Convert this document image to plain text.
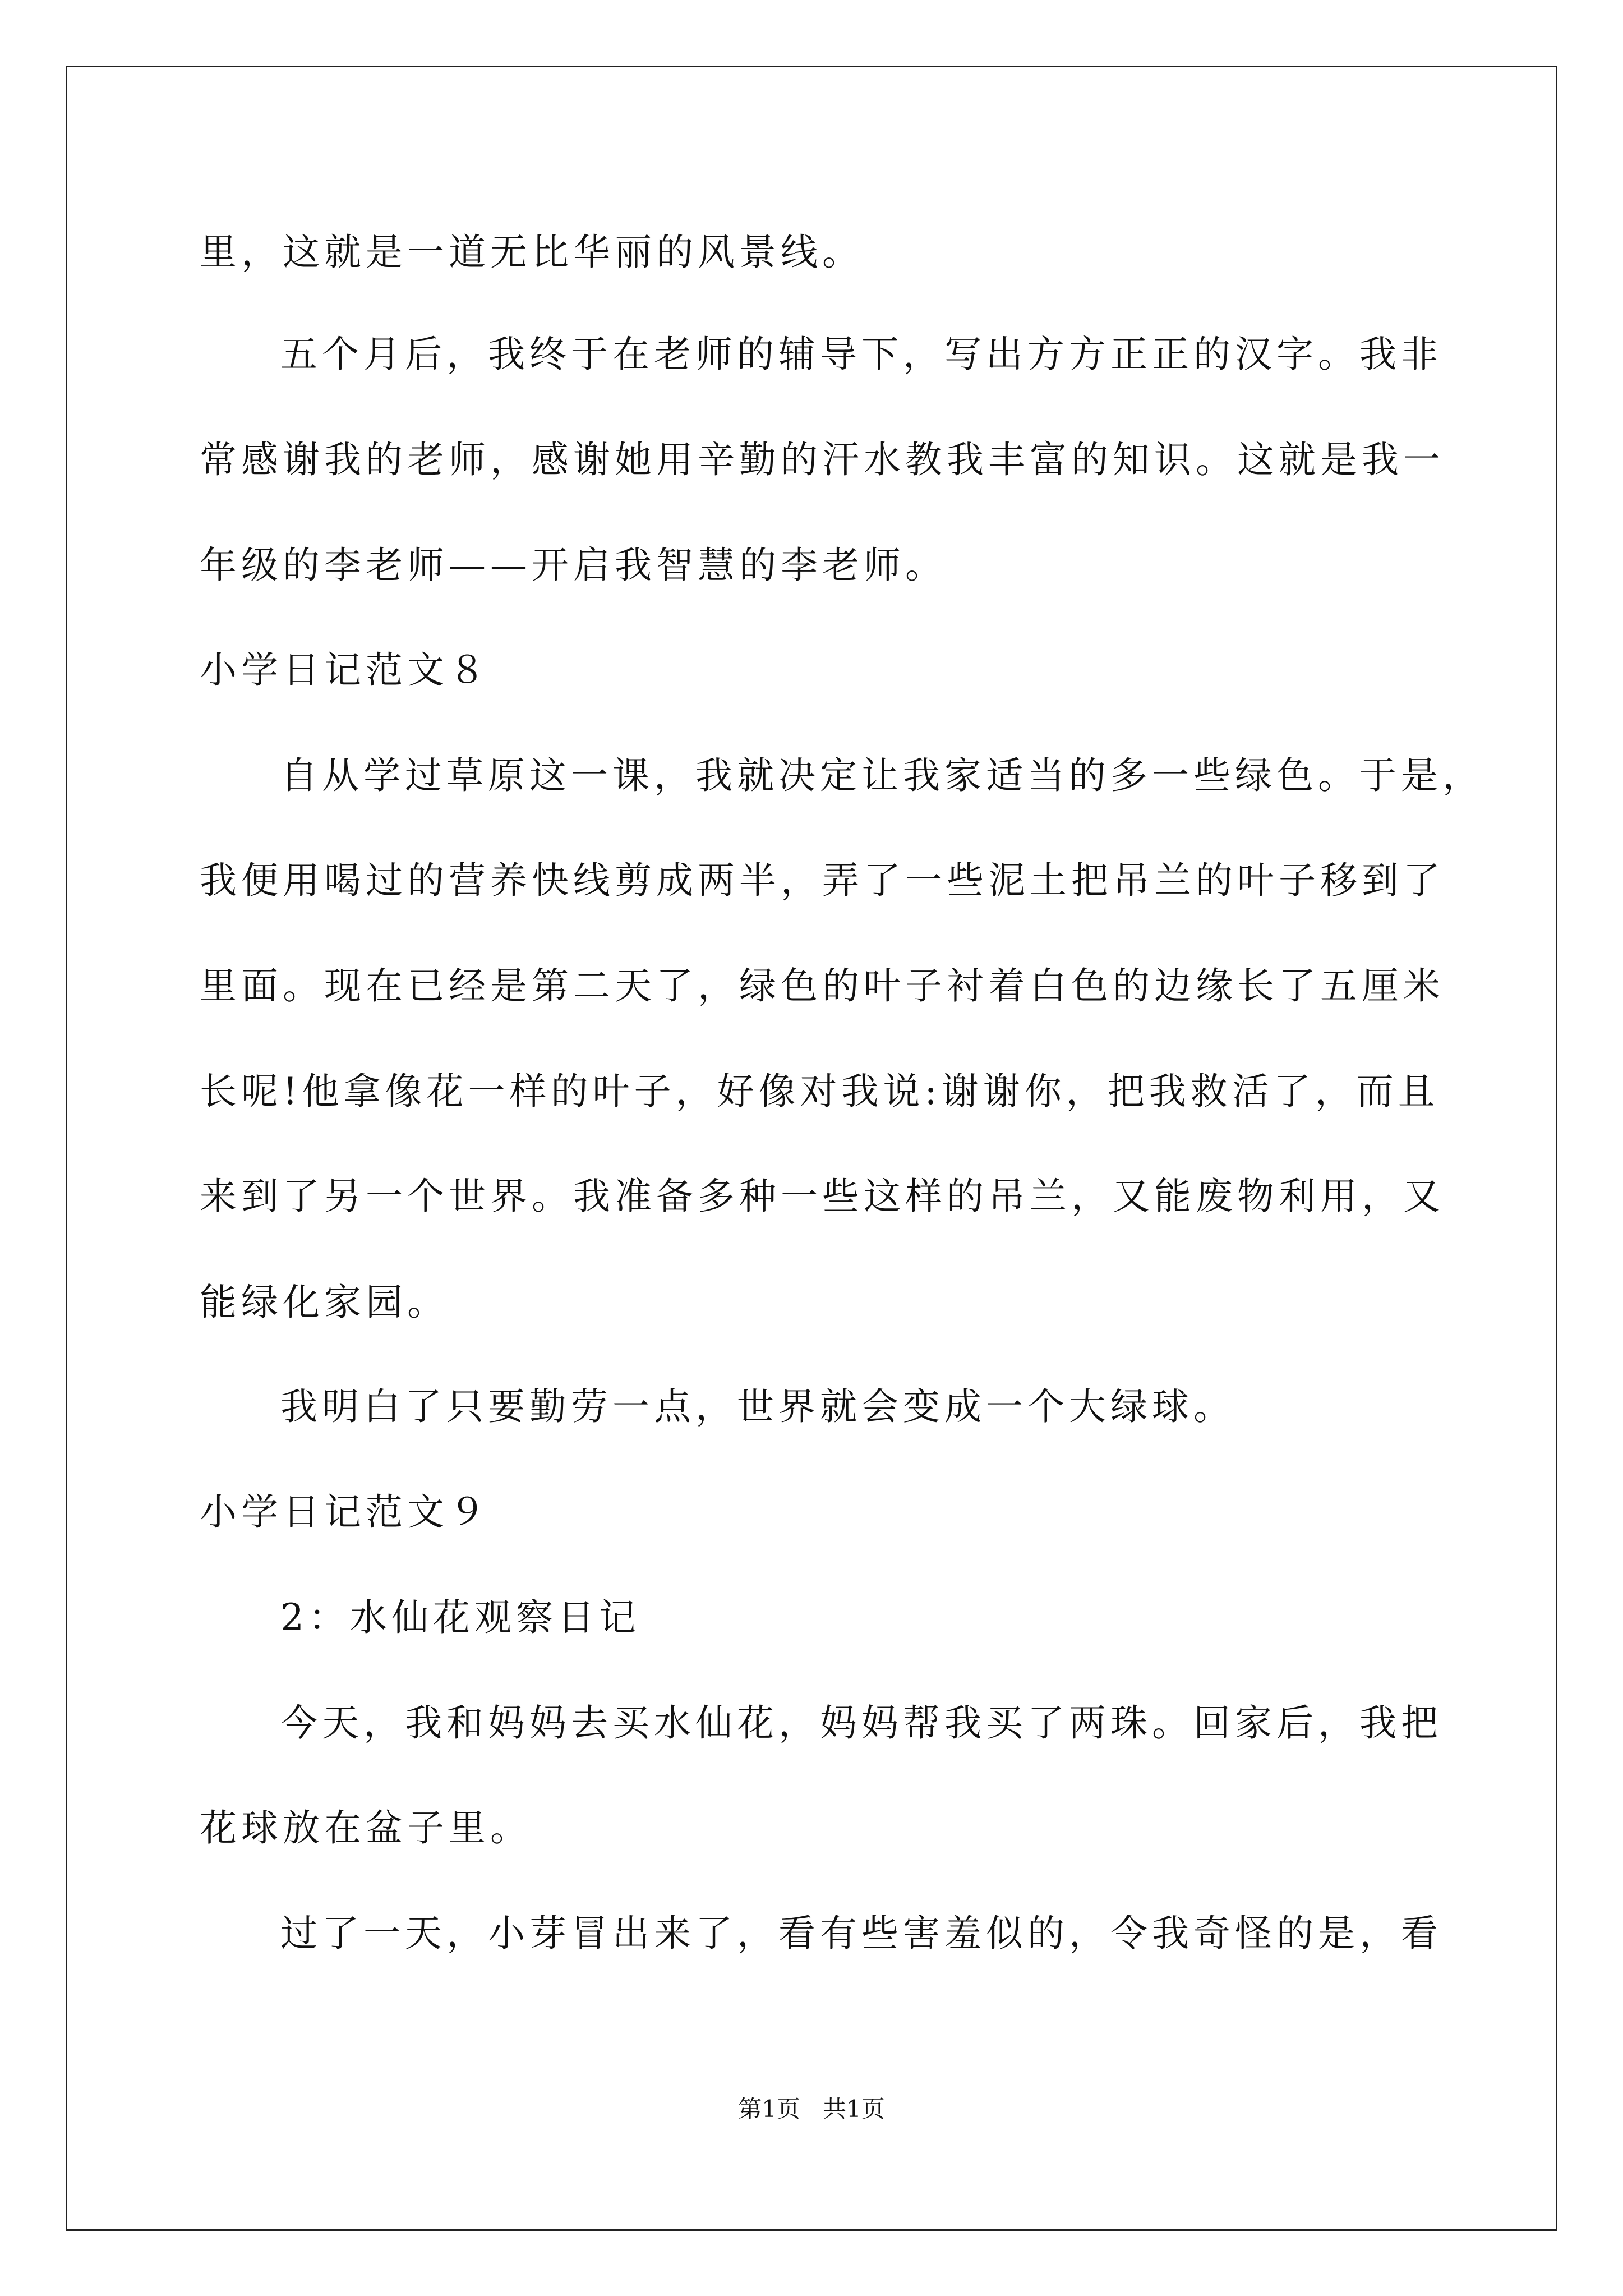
里，这就是一道无比华丽的风景线。
五个月后，我终于在老师的辅导下，写出方方正正的汉字。我非
常感谢我的老师，感谢她用辛勤的汗水教我丰富的知识。这就是我一
年级的李老师——开启我智慧的李老师。
小学日记范文８
自从学过草原这一课，我就决定让我家适当的多一些绿色。于是，
我便用喝过的营养快线剪成两半，弄了一些泥土把吊兰的叶子移到了
里面。现在已经是第二天了，绿色的叶子衬着白色的边缘长了五厘米
长呢!他拿像花一样的叶子，好像对我说:谢谢你，把我救活了，而且
来到了另一个世界。我准备多种一些这样的吊兰，又能废物利用，又
能绿化家园。
我明白了只要勤劳一点，世界就会变成一个大绿球。
小学日记范文９
2：水仙花观察日记
今天，我和妈妈去买水仙花，妈妈帮我买了两珠。回家后，我把
花球放在盆子里。
过了一天，小芽冒出来了，看有些害羞似的，令我奇怪的是，看
第1页   共1页
